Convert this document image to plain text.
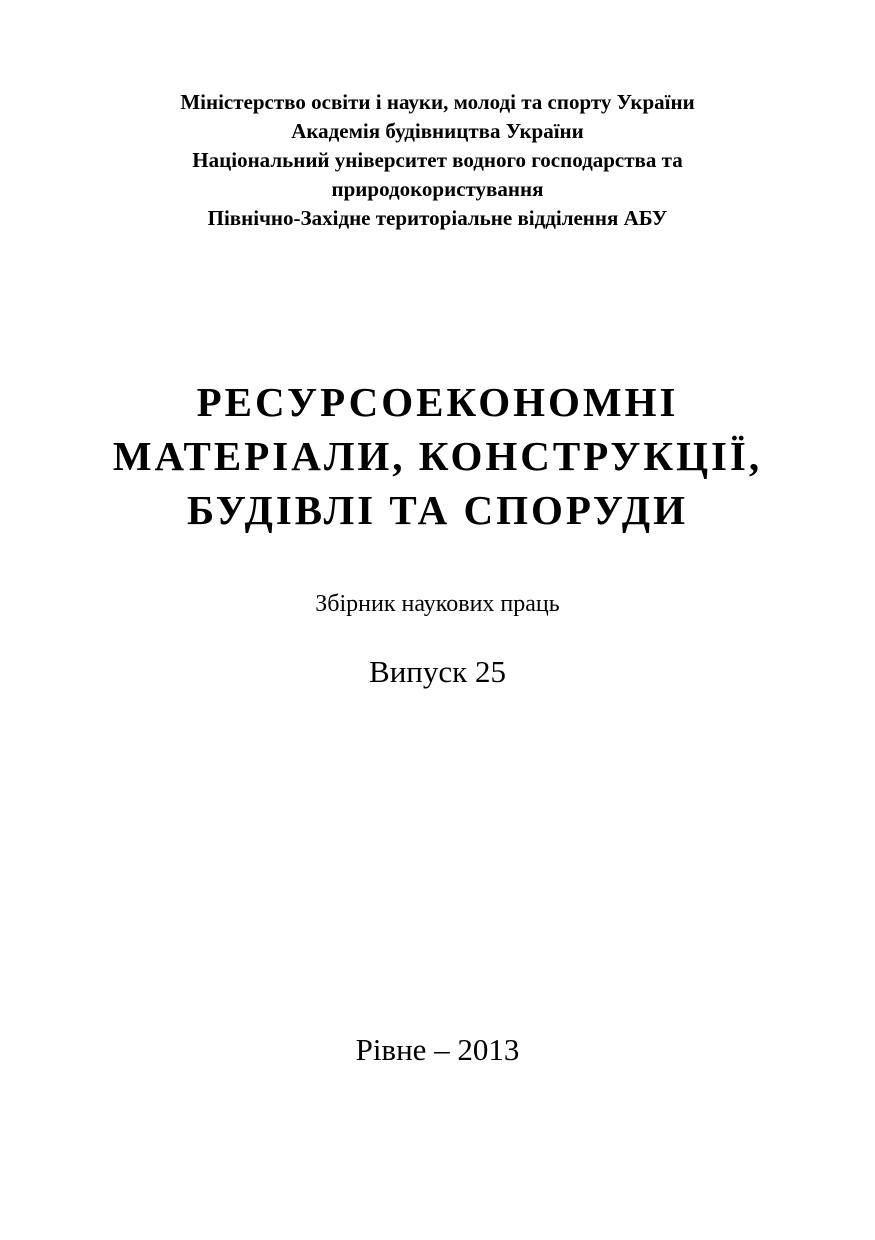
Міністерство освіти і науки, молоді та спорту України
Академія будівництва України
Національний університет водного господарства та
природокористування
Північно-Західне територіальне відділення АБУ
РЕСУРСОЕКОНОМНІ
МАТЕРІАЛИ, КОНСТРУКЦІЇ,
БУДІВЛІ ТА СПОРУДИ
Збірник наукових праць
Випуск 25
Рівне – 2013
